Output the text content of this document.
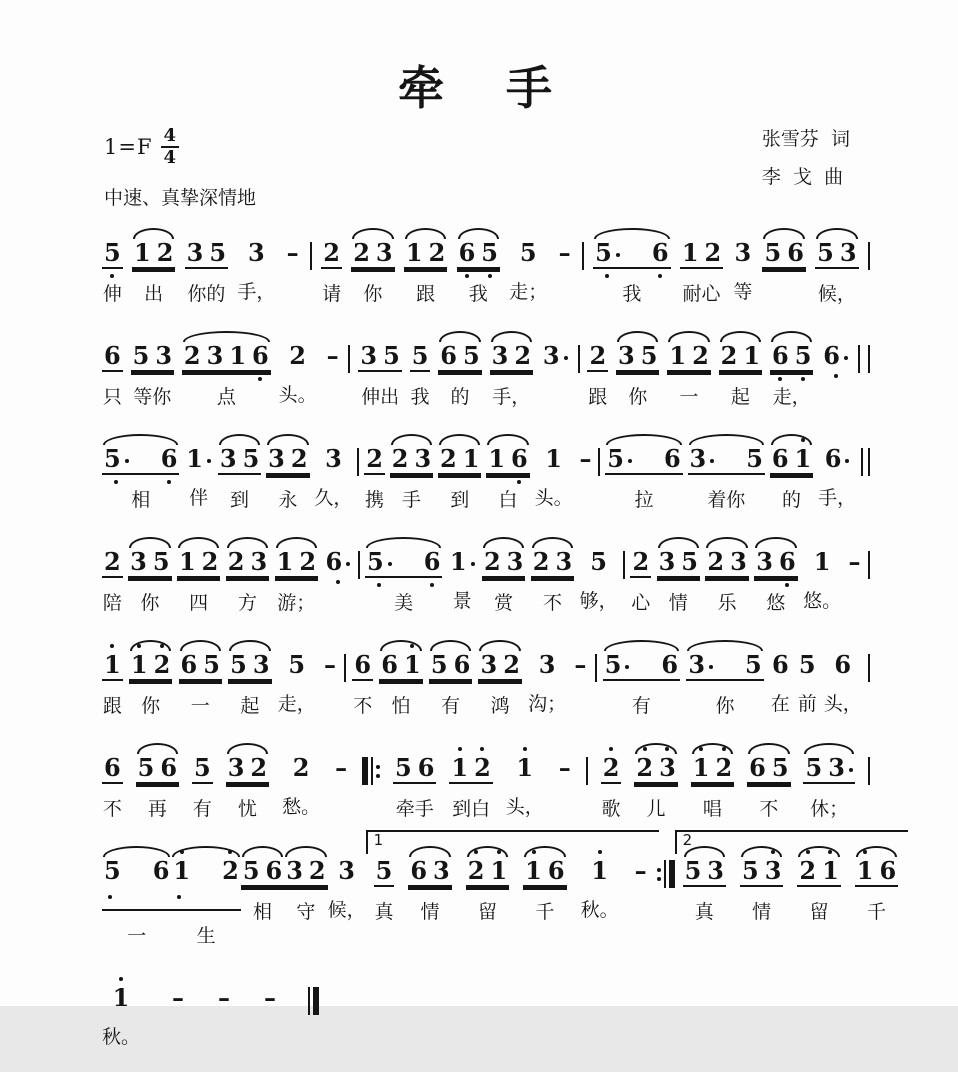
牵　手
$1=F \frac{4}{4}$
中速、真挚深情地
张雪芬  词
李  戈  曲
5
伸
1 2
出
3 5
你的
3
手，
–
2
请
2 3
你
1 2
跟
6 5
我
5
走；
–
5	6
我
1 2
耐心
3
等
5 6
5 3
候，
6
只
5 3
等你
2 3 1 6
点
2
头。
–
3 5
伸出
5
我
6 5
的
3 2
手，
3
	2
跟
3 5
你
1 2
一
2 1
起
6 5
走，
6

5	6
相
1
伴
3 5
到
3 2
永
3
久，
2
携
2 3
手
2 1
到
1 6
白
1
头。
–
5	6
拉
3	5
着你
6 1
的
6
手，
2
陪
3 5
你
1 2
四
2 3
方
1 2
游；
6
	5	6
美
1
景
2 3
赏
2 3
不
5
够，
2
心
3 5
情
2 3
乐
3 6
悠
1
悠。
–

1
跟
1 2
你
6 5
一
5 3
起
5
走，
–
6
不
6 1
怕
5 6
有
3 2
鸿
3
沟；
–
5	6
有
3	5
你
6
在
5
前
6
头，
6
不
5 6
再
5
有
3 2
忧
2
愁。
–
5 6
牵手
1 2
到白
1
头，
–
2
歌
2 3
儿
1 2
唱
6 5
不
5 3
休；
5 6
一
1 2
生
5 6
相
3 2
守
3
候，
1
5
真
6 3
情
2 1
留
1 6
千
1
秋。
–

2
5 3
真
5 3
情
2 1
留
1 6
千
1
秋。
–
–
–
